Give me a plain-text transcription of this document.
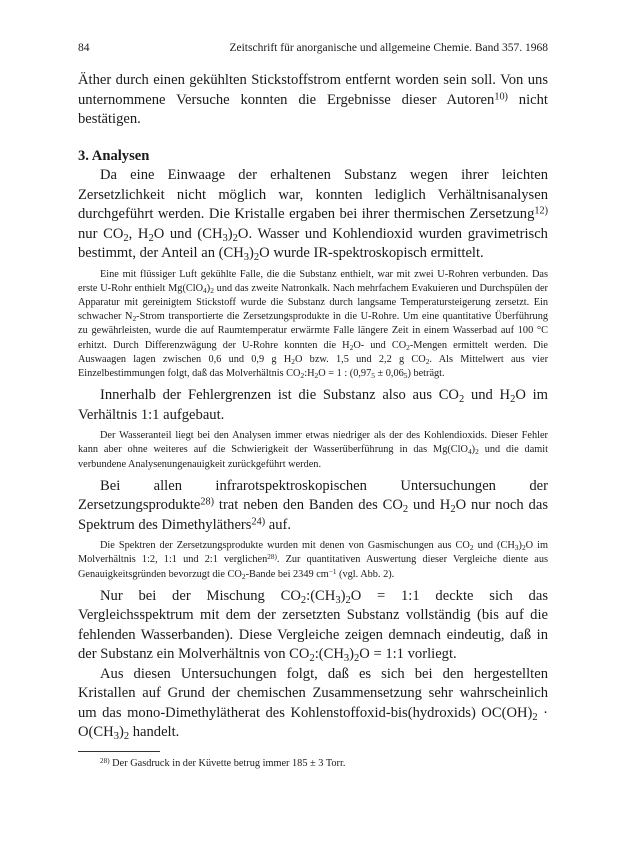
84	Zeitschrift für anorganische und allgemeine Chemie. Band 357. 1968

Äther durch einen gekühlten Stickstoffstrom entfernt worden sein soll. Von uns unternommene Versuche konnten die Ergebnisse dieser Autoren$^{10)}$ nicht bestätigen.

3. Analysen

Da eine Einwaage der erhaltenen Substanz wegen ihrer leichten Zersetzlichkeit nicht möglich war, konnten lediglich Verhältnisanalysen durchgeführt werden. Die Kristalle ergaben bei ihrer thermischen Zersetzung$^{12)}$ nur $CO_2$, $H_2O$ und $(CH_3)_2O$. Wasser und Kohlendioxid wurden gravimetrisch bestimmt, der Anteil an $(CH_3)_2O$ wurde IR-spektroskopisch ermittelt.

Eine mit flüssiger Luft gekühlte Falle, die die Substanz enthielt, war mit zwei U-Rohren verbunden. Das erste U-Rohr enthielt $Mg(ClO_4)_2$ und das zweite Natronkalk. Nach mehrfachem Evakuieren und Durchspülen der Apparatur mit gereinigtem Stickstoff wurde die Substanz durch langsame Temperatursteigerung zersetzt. Ein schwacher $N_2$-Strom transportierte die Zersetzungsprodukte in die U-Rohre. Um eine quantitative Überführung zu gewährleisten, wurde die auf Raumtemperatur erwärmte Falle längere Zeit in einem Wasserbad auf 100 °C erhitzt. Durch Differenzwägung der U-Rohre konnten die $H_2O-$ und $CO_2$-Mengen ermittelt werden. Die Auswaagen lagen zwischen 0,6 und 0,9 g $H_2O$ bzw. 1,5 und 2,2 g $CO_2$. Als Mittelwert aus vier Einzelbestimmungen folgt, daß das Molverhältnis $CO_2:H_2O = 1$ : $(0,97_5 \pm 0,06_5)$ beträgt.

Innerhalb der Fehlergrenzen ist die Substanz also aus $CO_2$ und $H_2O$ im Verhältnis 1:1 aufgebaut.

Der Wasseranteil liegt bei den Analysen immer etwas niedriger als der des Kohlendioxids. Dieser Fehler kann aber ohne weiteres auf die Schwierigkeit der Wasserüberführung in das $Mg(ClO_4)_2$ und die damit verbundene Analysenungenauigkeit zurückgeführt werden.

Bei allen infrarotspektroskopischen Untersuchungen der Zersetzungsprodukte$^{28)}$ trat neben den Banden des $CO_2$ und $H_2O$ nur noch das Spektrum des Dimethyläthers$^{24)}$ auf.

Die Spektren der Zersetzungsprodukte wurden mit denen von Gasmischungen aus $CO_2$ und $(CH_3)_2O$ im Molverhältnis 1:2, 1:1 und 2:1 verglichen$^{28)}$. Zur quantitativen Auswertung dieser Vergleiche diente aus Genauigkeitsgründen bevorzugt die $CO_2$-Bande bei 2349 $cm^{-1}$ (vgl. Abb. 2).

Nur bei der Mischung $CO_2:(CH_3)_2O$ = 1:1 deckte sich das Vergleichsspektrum mit dem der zersetzten Substanz vollständig (bis auf die fehlenden Wasserbanden). Diese Vergleiche zeigen demnach eindeutig, daß in der Substanz ein Molverhältnis von $CO_2:(CH_3)_2O$ = 1:1 vorliegt.

Aus diesen Untersuchungen folgt, daß es sich bei den hergestellten Kristallen auf Grund der chemischen Zusammensetzung sehr wahrscheinlich um das mono-Dimethylätherat des Kohlenstoffoxid-bis(hydroxids) $OC(OH)_2 \cdot O(CH_3)_2$ handelt.

$^{28)}$ Der Gasdruck in der Küvette betrug immer 185 ± 3 Torr.
